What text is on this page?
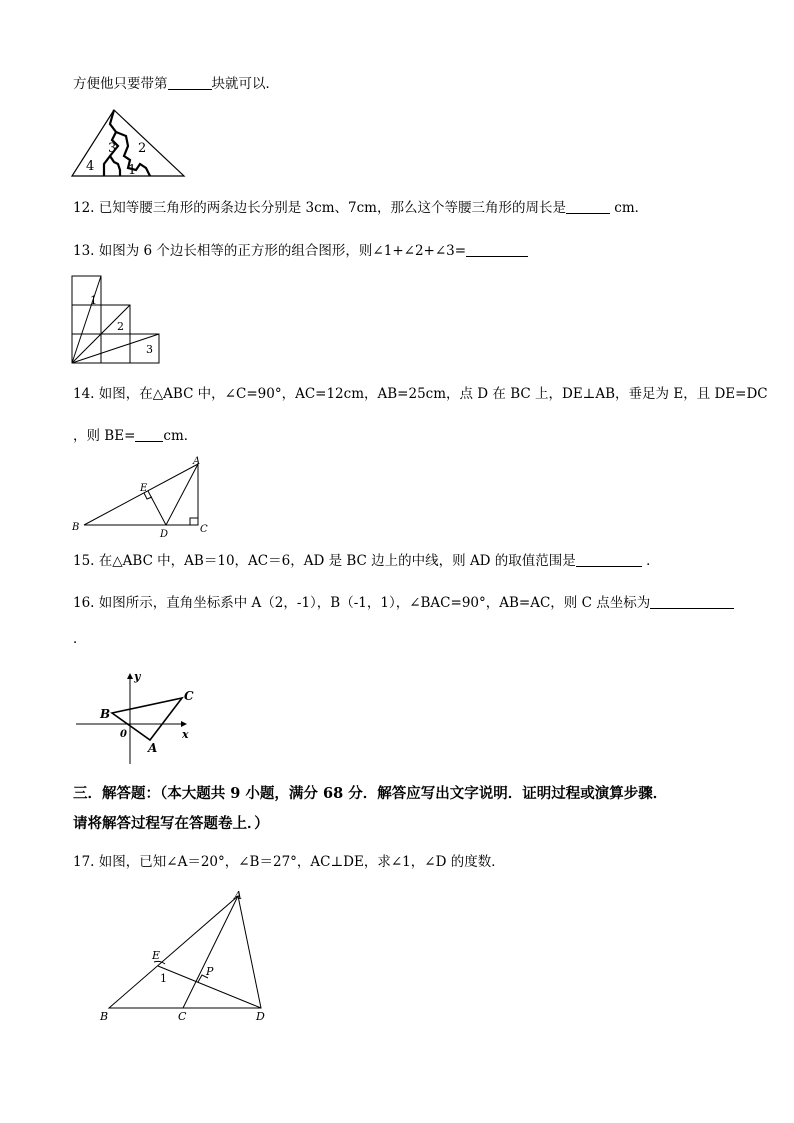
方便他只要带第	块就可以．
2
3
4	1
12. 已知等腰三角形的两条边长分别是 3cm、7cm，那么这个等腰三角形的周长是	cm．
13. 如图为 6 个边长相等的正方形的组合图形，则∠1+∠2+∠3=
1
2
3
14. 如图，在△ABC 中，∠C=90°，AC=12cm，AB=25cm，点 D 在 BC 上，DE⊥AB，垂足为 E，且 DE=DC
，则 BE= cm．
A
E
B
D	C
15. 在△ABC 中，AB＝10，AC＝6，AD 是 BC 边上的中线，则 AD 的取值范围是	．
16. 如图所示，直角坐标系中 A（2，-1），B（-1，1），∠BAC=90°，AB=AC，则 C 点坐标为
．
y
C
B
0	x
A
三．解答题：（本大题共 9 小题，满分 68 分．解答应写出文字说明．证明过程或演算步骤．
请将解答过程写在答题卷上．）
17. 如图，已知∠A＝20°，∠B＝27°，AC⊥DE，求∠1，∠D 的度数．
A
E
P
1
B	C	D
